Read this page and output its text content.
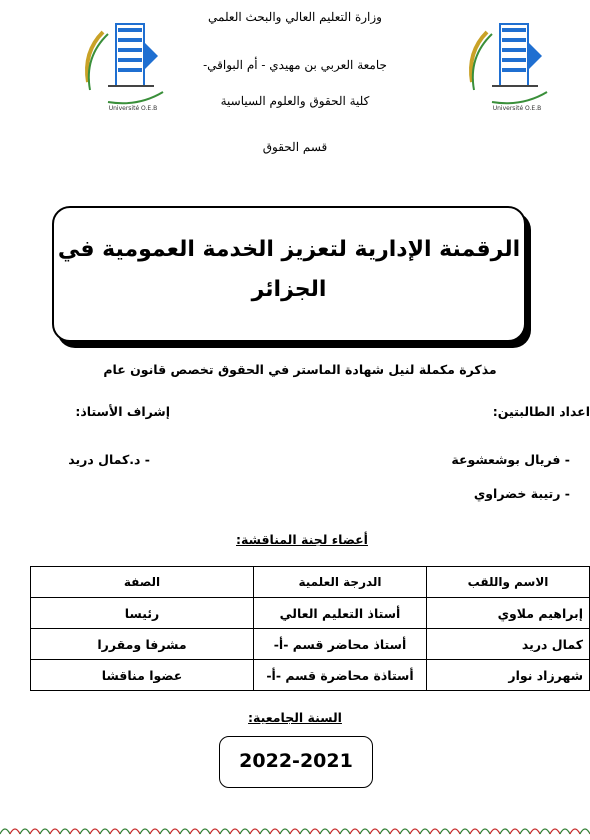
وزارة التعليم العالي والبحث العلمي
جامعة العربي بن مهيدي - أم البواقي-
كلية الحقوق والعلوم السياسية
قسم الحقوق
Université O.E.B
Université O.E.B
الرقمنة الإدارية لتعزيز الخدمة العمومية في
الجزائر
مذكرة مكملة لنيل شهادة الماستر في الحقوق تخصص قانون عام
اعداد الطالبتين:
- فريال بوشعشوعة
- رتيبة خضراوي
إشراف الأستاذ:
- د.كمال دريد
أعضاء لجنة المناقشة:
الاسم واللقب	الدرجة العلمية	الصفة
إبراهيم ملاوي	أستاذ التعليم العالي	رئيسا
كمال دريد	أستاذ محاضر قسم -أ-	مشرفا ومقررا
شهرزاد نوار	أستاذة محاضرة قسم -أ-	عضوا مناقشا
السنة الجامعية:
2022-2021
